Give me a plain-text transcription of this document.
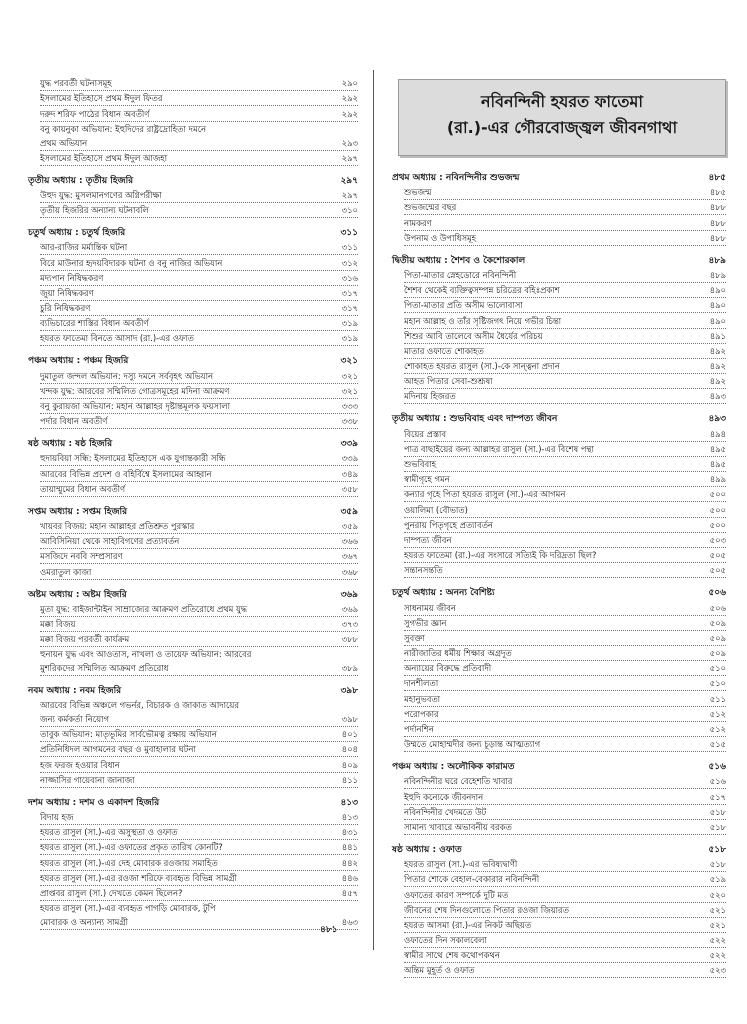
নবিনন্দিনী হযরত ফাতেমা
(রা.)-এর গৌরবোজ্জ্বল জীবনগাথা
যুদ্ধ পরবর্তী ঘটনাসমূহ	২৯০
ইসলামের ইতিহাসে প্রথম ঈদুল ফিতর	২৯২
দরুদ শরিফ পাঠের বিধান অবতীর্ণ	২৯২
বনু কায়নুকা অভিযান: ইহুদিদের রাষ্ট্রদ্রোহিতা দমনে
প্রথম অভিযান	২৯৩
ইসলামের ইতিহাসে প্রথম ঈদুল আজহা	২৯৭
তৃতীয় অধ্যায় : তৃতীয় হিজরি	২৯৭
উহুদ যুদ্ধ: মুসলমানগণের অগ্নিপরীক্ষা	২৯৭
তৃতীয় হিজরির অন্যান্য ঘটনাবলি	৩১০
চতুর্থ অধ্যায় : চতুর্থ হিজরি	৩১১
আর-রাজির মর্মান্তিক ঘটনা	৩১১
বিরে মাউনার হৃদয়বিদারক ঘটনা ও বনু নাজির অভিযান	৩১২
মদ্যপান নিষিদ্ধকরণ	৩১৬
জুয়া নিষিদ্ধকরণ	৩১৭
চুরি নিষিদ্ধকরণ	৩১৭
ব্যভিচারের শাস্তির বিধান অবতীর্ণ	৩১৯
হযরত ফাতেমা বিনতে আসাদ (রা.)-এর ওফাত	৩১৯
পঞ্চম অধ্যায় : পঞ্চম হিজরি	৩২১
দুমাতুল জন্দল অভিযান: দস্যু দমনে সর্ববৃহৎ অভিযান	৩২১
খন্দক যুদ্ধ: আরবের সম্মিলিত গোত্রসমূহের মদিনা আক্রমণ	৩২১
বনু কুরায়জা অভিযান: মহান আল্লাহর দৃষ্টান্তমূলক ফয়সালা	৩৩৩
পর্দার বিধান অবতীর্ণ	৩৩৮
ষষ্ঠ অধ্যায় : ষষ্ঠ হিজরি	৩৩৯
হুদায়বিয়া সন্ধি: ইসলামের ইতিহাসে এক যুগান্তকারী সন্ধি	৩৩৯
আরবের বিভিন্ন প্রদেশ ও বহির্বিশ্বে ইসলামের আহ্বান	৩৪৯
তায়াম্মুমের বিধান অবতীর্ণ	৩৫৮
সপ্তম অধ্যায় : সপ্তম হিজরি	৩৫৯
খায়বর বিজয়: মহান আল্লাহর প্রতিশ্রুত পুরস্কার	৩৫৯
আবিসিনিয়া থেকে সাহাবিগণের প্রত্যাবর্তন	৩৬৬
মসজিদে নববি সম্প্রসারণ	৩৬৭
ওমরাতুল কাজা	৩৬৮
অষ্টম অধ্যায় : অষ্টম হিজরি	৩৬৯
মুতা যুদ্ধ: বাইজান্টাইন সাম্রাজ্যের আক্রমণ প্রতিরোধে প্রথম যুদ্ধ	৩৬৯
মক্কা বিজয়	৩৭৩
মক্কা বিজয় পরবর্তী কার্যক্রম	৩৮৮
হুনায়ন যুদ্ধ এবং আওতাস, নাখলা ও তায়েফ অভিযান: আরবের
মুশরিকদের সম্মিলিত আক্রমণ প্রতিরোধ	৩৮৯
নবম অধ্যায় : নবম হিজরি	৩৯৮
আরবের বিভিন্ন অঞ্চলে গভর্নর, বিচারক ও জাকাত আদায়ের
জন্য কর্মকর্তা নিয়োগ	৩৯৮
তাবুক অভিযান: মাতৃভূমির সার্বভৌমত্ব রক্ষায় অভিযান	৪০১
প্রতিনিধিদল আগমনের বছর ও মুবাহালার ঘটনা	৪০৪
হজ ফরজ হওয়ার বিধান	৪০৯
নাজ্জাসির গায়েবানা জানাজা	৪১১
দশম অধ্যায় : দশম ও একাদশ হিজরি	৪১৩
বিদায় হজ	৪১৩
হযরত রাসুল (সা.)-এর অসুস্থতা ও ওফাত	৪৩১
হযরত রাসুল (সা.)-এর ওফাতের প্রকৃত তারিখ কোনটি?	৪৪১
হযরত রাসুল (সা.)-এর দেহ মোবারক রওজায় সমাহিত	৪৪২
হযরত রাসুল (সা.)-এর রওজা শরিফে ব্যবহৃত বিভিন্ন সামগ্রী	৪৪৬
প্রাপ্তবর রাসুল (সা.) দেখতে কেমন ছিলেন?	৪৫৭
হযরত রাসুল (সা.)-এর ব্যবহৃত পাগড়ি মোবারক, টুপি
মোবারক ও অন্যান্য সামগ্রী	৪৬৩
৪৮১
প্রথম অধ্যায় : নবিনন্দিনীর শুভজন্ম	৪৮৫
শুভজন্ম	৪৮৫
শুভজন্মের বছর	৪৮৮
নামকরণ	৪৮৮
উপনাম ও উপাধিসমূহ	৪৮৮
দ্বিতীয় অধ্যায় : শৈশব ও কৈশোরকাল	৪৮৯
পিতা-মাতার স্নেহডোরে নবিনন্দিনী	৪৮৯
শৈশব থেকেই ব্যক্তিত্বসম্পন্ন চরিত্রের বহিঃপ্রকাশ	৪৯০
পিতা-মাতার প্রতি অসীম ভালোবাসা	৪৯০
মহান আল্লাহ ও তাঁর সৃষ্টিজগৎ নিয়ে গভীর চিন্তা	৪৯০
শিশুর আবি তালেবে অসীম ধৈর্যের পরিচয়	৪৯১
মাতার ওফাতে শোকাহত	৪৯২
শোকাহত হযরত রাসুল (সা.)-কে সান্ত্বনা প্রদান	৪৯২
আহত পিতার সেবা-শুশ্রূষা	৪৯২
মদিনায় হিজরত	৪৯৩
তৃতীয় অধ্যায় : শুভবিবাহ এবং দাম্পত্য জীবন	৪৯৩
বিয়ের প্রস্তাব	৪৯৪
পাত্র বাছাইয়ের জন্য আল্লাহর রাসুল (সা.)-এর বিশেষ পন্থা	৪৯৫
শুভবিবাহ	৪৯৫
স্বামীগৃহে গমন	৪৯৯
কন্যার গৃহে পিতা হযরত রাসুল (সা.)-এর আগমন	৫০০
ওয়ালিমা (বৌভাত)	৫০০
পুনরায় পিতৃগৃহে প্রত্যাবর্তন	৫০০
দাম্পত্য জীবন	৫০৩
হযরত ফাতেমা (রা.)-এর সংসারে সত্যিই কি দরিদ্রতা ছিল?	৫০৫
সন্তানসন্ততি	৫০৫
চতুর্থ অধ্যায় : অনন্য বৈশিষ্ট্য	৫০৬
সাধনাময় জীবন	৫০৬
সুগভীর জ্ঞান	৫০৯
সুবক্তা	৫০৯
নারীজাতির ধর্মীয় শিক্ষার অগ্রদূত	৫০৯
অন্যায়ের বিরুদ্ধে প্রতিবাদী	৫১০
দানশীলতা	৫১০
মহানুভবতা	৫১১
পরোপকার	৫১২
পর্দানশিন	৫১২
উম্মতে মোহাম্মদীর জন্য চূড়ান্ত আত্মত্যাগ	৫১৫
পঞ্চম অধ্যায় : অলৌকিক কারামত	৫১৬
নবিনন্দিনীর ঘরে বেহেশতি খাবার	৫১৬
ইহুদি কন্যেকে জীবনদান	৫১৭
নবিনন্দিনীর খেদমতে উট	৫১৮
সামান্য খাবারে অভাবনীয় বরকত	৫১৮
ষষ্ঠ অধ্যায় : ওফাত	৫১৮
হযরত রাসুল (সা.)-এর ভবিষ্যদ্বাণী	৫১৮
পিতার শোকে বেহাল-বেকারার নবিনন্দিনী	৫১৯
ওফাতের কারণ সম্পর্কে দুটি মত	৫২০
জীবনের শেষ দিনগুলোতে পিতার রওজা জিয়ারত	৫২১
হযরত আসমা (রা.)-এর নিকট অছিয়ত	৫২১
ওফাতের দিন সকালবেলা	৫২২
স্বামীর সাথে শেষ কথোপকথন	৫২২
অন্তিম মুহূর্ত ও ওফাত	৫২৩
